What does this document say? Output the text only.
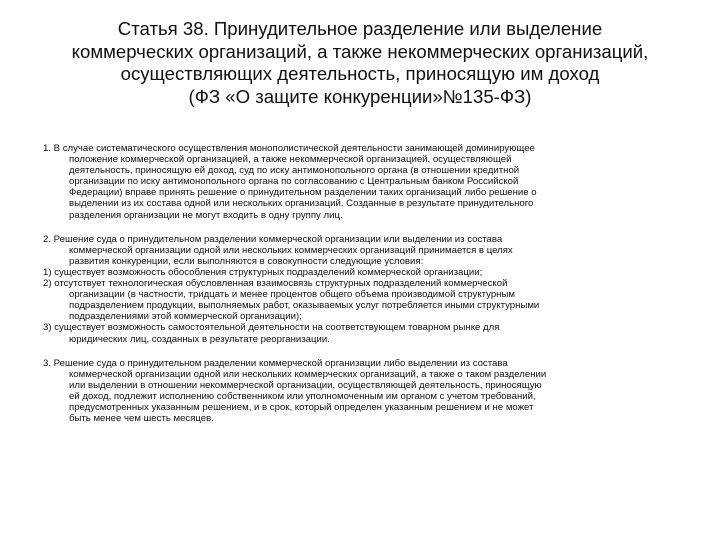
Статья 38. Принудительное разделение или выделение
коммерческих организаций, а также некоммерческих организаций,
осуществляющих деятельность, приносящую им доход
(ФЗ «О защите конкуренции»№135-ФЗ)

1. В случае систематического осуществления монополистической деятельности занимающей доминирующее
положение коммерческой организацией, а также некоммерческой организацией, осуществляющей
деятельность, приносящую ей доход, суд по иску антимонопольного органа (в отношении кредитной
организации по иску антимонопольного органа по согласованию с Центральным банком Российской
Федерации) вправе принять решение о принудительном разделении таких организаций либо решение о
выделении из их состава одной или нескольких организаций. Созданные в результате принудительного
разделения организации не могут входить в одну группу лиц.

2. Решение суда о принудительном разделении коммерческой организации или выделении из состава
коммерческой организации одной или нескольких коммерческих организаций принимается в целях
развития конкуренции, если выполняются в совокупности следующие условия:

1) существует возможность обособления структурных подразделений коммерческой организации;

2) отсутствует технологическая обусловленная взаимосвязь структурных подразделений коммерческой
организации (в частности, тридцать и менее процентов общего объема производимой структурным
подразделением продукции, выполняемых работ, оказываемых услуг потребляется иными структурными
подразделениями этой коммерческой организации);

3) существует возможность самостоятельной деятельности на соответствующем товарном рынке для
юридических лиц, созданных в результате реорганизации.

3. Решение суда о принудительном разделении коммерческой организации либо выделении из состава
коммерческой организации одной или нескольких коммерческих организаций, а также о таком разделении
или выделении в отношении некоммерческой организации, осуществляющей деятельность, приносящую
ей доход, подлежит исполнению собственником или уполномоченным им органом с учетом требований,
предусмотренных указанным решением, и в срок, который определен указанным решением и не может
быть менее чем шесть месяцев.
